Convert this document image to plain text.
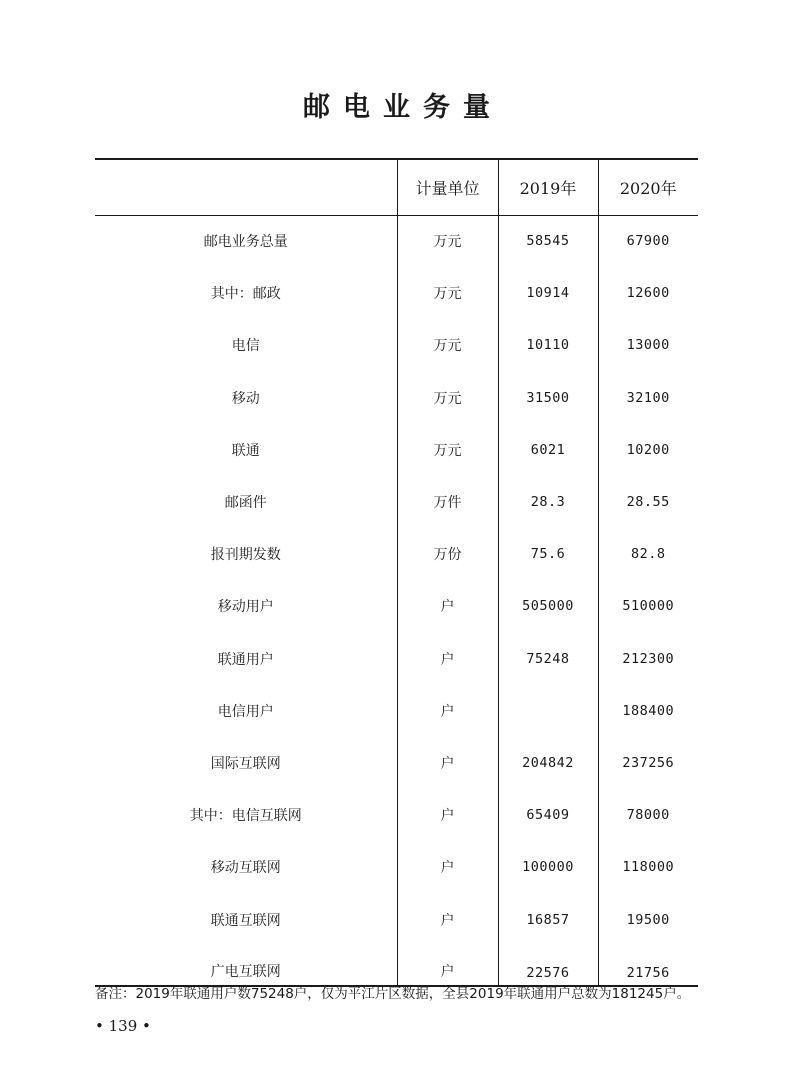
邮电业务量
	计量单位	2019年	2020年
邮电业务总量	万元	58545	67900
其中：邮政	万元	10914	12600
电信	万元	10110	13000
移动	万元	31500	32100
联通	万元	6021	10200
邮函件	万件	28.3	28.55
报刊期发数	万份	75.6	82.8
移动用户	户	505000	510000
联通用户	户	75248	212300
电信用户	户		188400
国际互联网	户	204842	237256
其中：电信互联网	户	65409	78000
移动互联网	户	100000	118000
联通互联网	户	16857	19500
广电互联网	户	22576	21756
备注：2019年联通用户数75248户，仅为平江片区数据，全县2019年联通用户总数为181245户。
• 139 •
